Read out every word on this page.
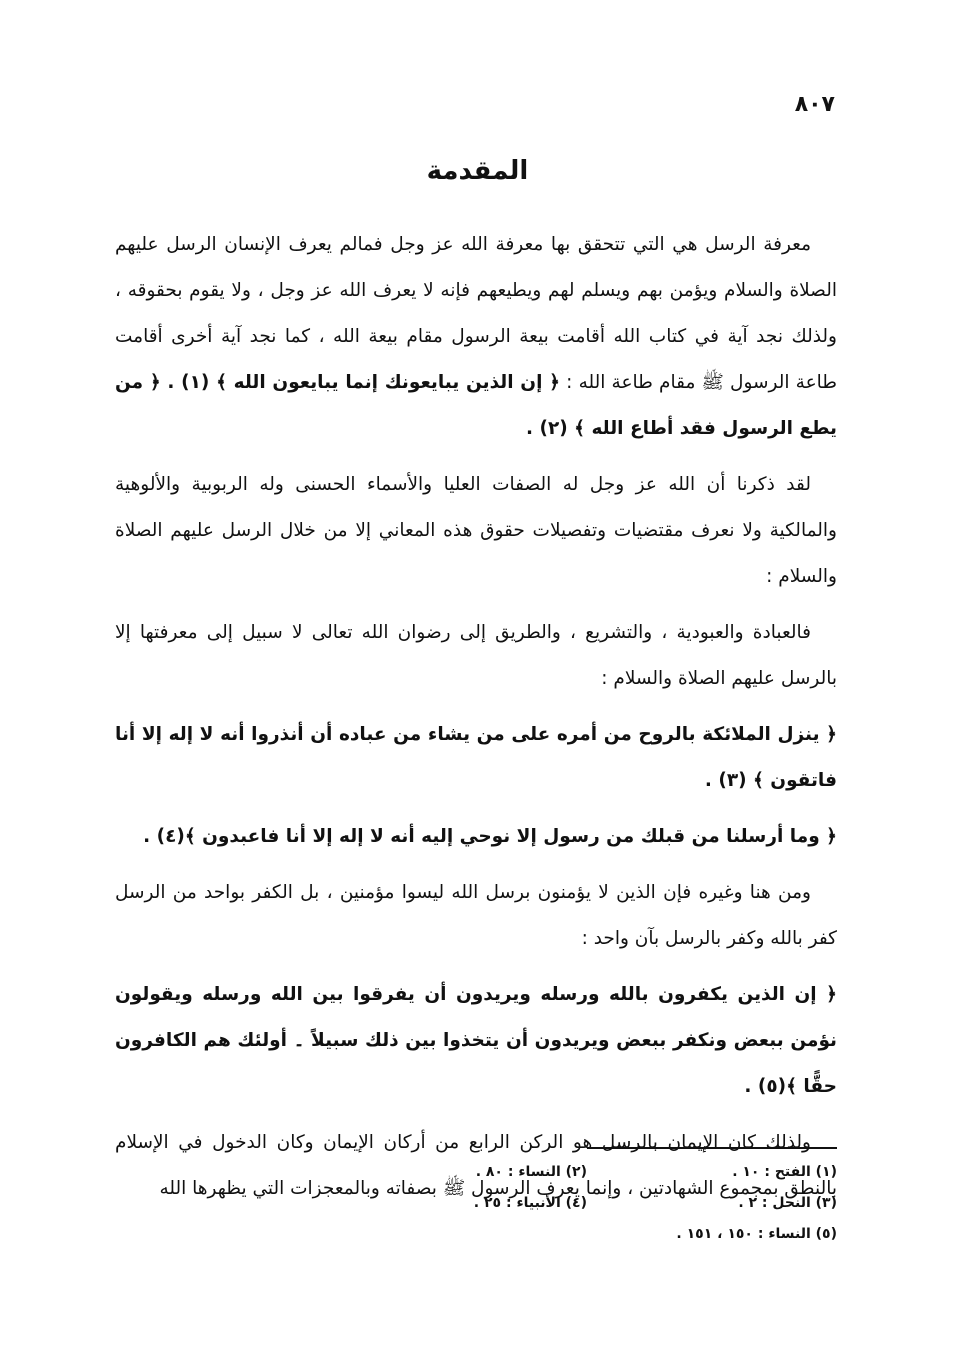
٨٠٧
المقدمة

معرفة الرسل هي التي تتحقق بها معرفة الله عز وجل فمالم يعرف الإنسان الرسل عليهم الصلاة والسلام ويؤمن بهم ويسلم لهم ويطيعهم فإنه لا يعرف الله عز وجل ، ولا يقوم بحقوقه ، ولذلك نجد آية في كتاب الله أقامت بيعة الرسول مقام بيعة الله ، كما نجد آية أخرى أقامت طاعة الرسول ﷺ مقام طاعة الله : ﴿ إن الذين يبايعونك إنما يبايعون الله ﴾ (١) . ﴿ من يطع الرسول فقد أطاع الله ﴾ (٢) .

لقد ذكرنا أن الله عز وجل له الصفات العليا والأسماء الحسنى وله الربوبية والألوهية والمالكية ولا نعرف مقتضيات وتفصيلات حقوق هذه المعاني إلا من خلال الرسل عليهم الصلاة والسلام :

فالعبادة والعبودية ، والتشريع ، والطريق إلى رضوان الله تعالى لا سبيل إلى معرفتها إلا بالرسل عليهم الصلاة والسلام :

﴿ ينزل الملائكة بالروح من أمره على من يشاء من عباده أن أنذروا أنه لا إله إلا أنا فاتقون ﴾ (٣) .

﴿ وما أرسلنا من قبلك من رسول إلا نوحي إليه أنه لا إله إلا أنا فاعبدون ﴾(٤) .

ومن هنا وغيره فإن الذين لا يؤمنون برسل الله ليسوا مؤمنين ، بل الكفر بواحد من الرسل كفر بالله وكفر بالرسل بآن واحد :

﴿ إن الذين يكفرون بالله ورسله ويريدون أن يفرقوا بين الله ورسله ويقولون نؤمن ببعض ونكفر ببعض ويريدون أن يتخذوا بين ذلك سبيلاً ۔ أولئك هم الكافرون حقًّا ﴾(٥) .

ولذلك كان الإيمان بالرسل هو الركن الرابع من أركان الإيمان وكان الدخول في الإسلام بالنطق بمجموع الشهادتين ، وإنما يعرف الرسول ﷺ بصفاته وبالمعجزات التي يظهرها الله

(١) الفتح : ١٠ .
(٢) النساء : ٨٠ .
(٣) النحل : ٢ .
(٤) الأنبياء : ٢٥ .
(٥) النساء : ١٥٠ ، ١٥١ .
